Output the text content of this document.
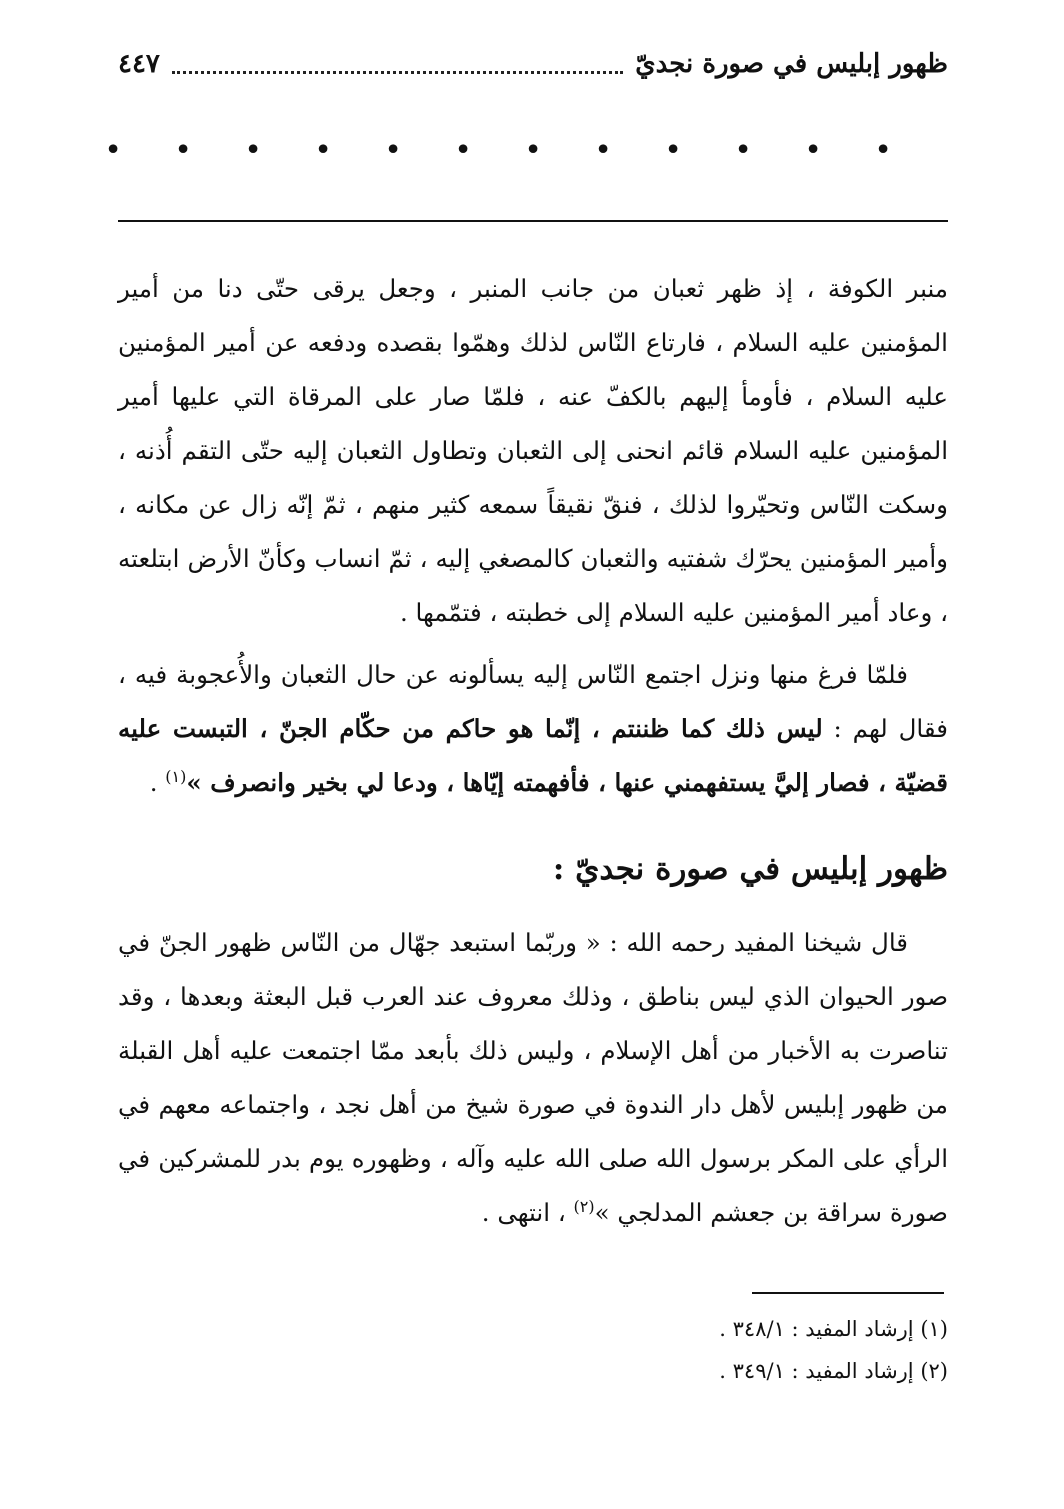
ظهور إبليس في صورة نجديّ
٤٤٧
•
•
•
•
•
•
•
•
•
•
•
•

منبر الكوفة ، إذ ظهر ثعبان من جانب المنبر ، وجعل يرقى حتّى دنا من أمير المؤمنين عليه السلام ، فارتاع النّاس لذلك وهمّوا بقصده ودفعه عن أمير المؤمنين عليه السلام ، فأومأ إليهم بالكفّ عنه ، فلمّا صار على المرقاة التي عليها أمير المؤمنين عليه السلام قائم انحنى إلى الثعبان وتطاول الثعبان إليه حتّى التقم أُذنه ، وسكت النّاس وتحيّروا لذلك ، فنقّ نقيقاً سمعه كثير منهم ، ثمّ إنّه زال عن مكانه ، وأمير المؤمنين يحرّك شفتيه والثعبان كالمصغي إليه ، ثمّ انساب وكأنّ الأرض ابتلعته ، وعاد أمير المؤمنين عليه السلام إلى خطبته ، فتمّمها .

فلمّا فرغ منها ونزل اجتمع النّاس إليه يسألونه عن حال الثعبان والأُعجوبة فيه ، فقال لهم : ليس ذلك كما ظننتم ، إنّما هو حاكم من حكّام الجنّ ، التبست عليه قضيّة ، فصار إليَّ يستفهمني عنها ، فأفهمته إيّاها ، ودعا لي بخير وانصرف »$^{(١)}$ .

ظهور إبليس في صورة نجديّ :

قال شيخنا المفيد رحمه الله : « وربّما استبعد جهّال من النّاس ظهور الجنّ في صور الحيوان الذي ليس بناطق ، وذلك معروف عند العرب قبل البعثة وبعدها ، وقد تناصرت به الأخبار من أهل الإسلام ، وليس ذلك بأبعد ممّا اجتمعت عليه أهل القبلة من ظهور إبليس لأهل دار الندوة في صورة شيخ من أهل نجد ، واجتماعه معهم في الرأي على المكر برسول الله صلى الله عليه وآله ، وظهوره يوم بدر للمشركين في صورة سراقة بن جعشم المدلجي »$^{(٢)}$ ، انتهى .

(١) إرشاد المفيد : ٣٤٨/١ .

(٢) إرشاد المفيد : ٣٤٩/١ .
